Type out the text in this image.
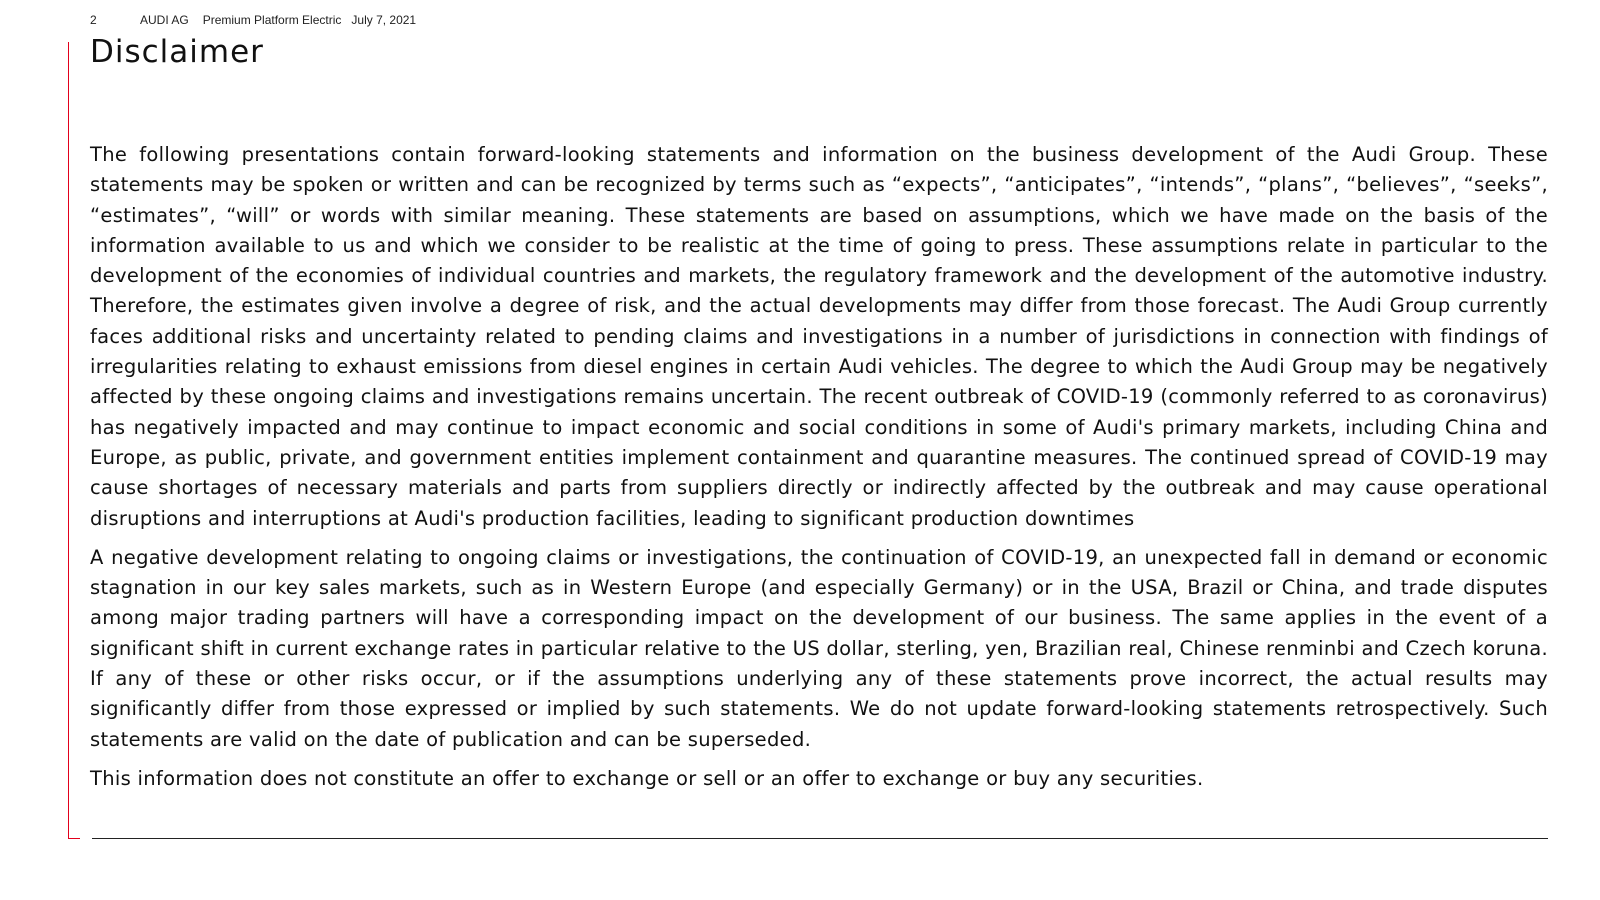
2	AUDI AG Premium Platform Electric July 7, 2021
Disclaimer

The following presentations contain forward-looking statements and information on the business development of the Audi Group. These statements may be spoken or written and can be recognized by terms such as “expects”, “anticipates”, “intends”, “plans”, “believes”, “seeks”, “estimates”, “will” or words with similar meaning. These statements are based on assumptions, which we have made on the basis of the information available to us and which we consider to be realistic at the time of going to press. These assumptions relate in particular to the development of the economies of individual countries and markets, the regulatory framework and the development of the automotive industry. Therefore, the estimates given involve a degree of risk, and the actual developments may differ from those forecast. The Audi Group currently faces additional risks and uncertainty related to pending claims and investigations in a number of jurisdictions in connection with findings of irregularities relating to exhaust emissions from diesel engines in certain Audi vehicles. The degree to which the Audi Group may be negatively affected by these ongoing claims and investigations remains uncertain. The recent outbreak of COVID-19 (commonly referred to as coronavirus) has negatively impacted and may continue to impact economic and social conditions in some of Audi's primary markets, including China and Europe, as public, private, and government entities implement containment and quarantine measures. The continued spread of COVID-19 may cause shortages of necessary materials and parts from suppliers directly or indirectly affected by the outbreak and may cause operational disruptions and interruptions at Audi's production facilities, leading to significant production downtimes

A negative development relating to ongoing claims or investigations, the continuation of COVID-19, an unexpected fall in demand or economic stagnation in our key sales markets, such as in Western Europe (and especially Germany) or in the USA, Brazil or China, and trade disputes among major trading partners will have a corresponding impact on the development of our business. The same applies in the event of a significant shift in current exchange rates in particular relative to the US dollar, sterling, yen, Brazilian real, Chinese renminbi and Czech koruna. If any of these or other risks occur, or if the assumptions underlying any of these statements prove incorrect, the actual results may significantly differ from those expressed or implied by such statements. We do not update forward-looking statements retrospectively. Such statements are valid on the date of publication and can be superseded.

This information does not constitute an offer to exchange or sell or an offer to exchange or buy any securities.
